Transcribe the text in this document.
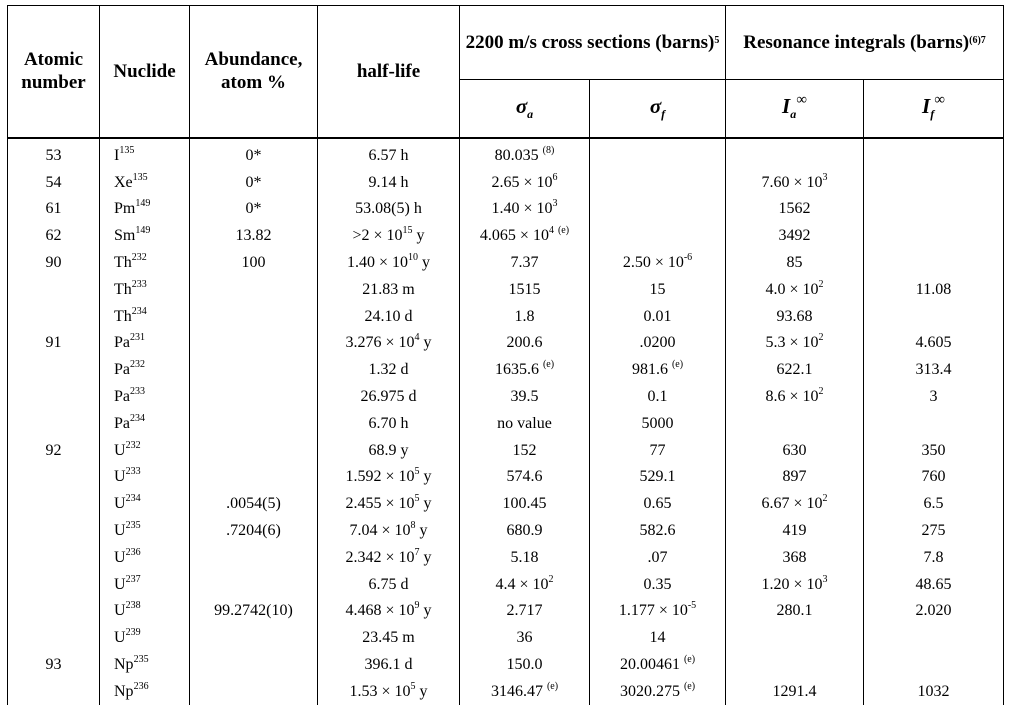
Atomic number	Nuclide	Abundance, atom %	half-life	2200 m/s cross sections (barns)$^5$		Resonance integrals (barns)$^{(6)7}$
				$\sigma_a$	$\sigma_f$	$I_a^\infty$	$I_f^\infty$
53	$I^{135}$	0*	6.57 h	80.035 $^{(8)}$			
54	Xe$^{135}$	0*	9.14 h	$2.65 \times 10^6$		$7.60 \times 10^3$	
61	Pm$^{149}$	0*	53.08(5) h	$1.40 \times 10^3$		1562	
62	Sm$^{149}$	13.82	$>2 \times 10^{15}$ y	$4.065 \times 10^4$ $^{(e)}$		3492	
90	Th$^{232}$	100	$1.40 \times 10^{10}$ y	7.37	$2.50 \times 10^{-6}$	85	
	Th$^{233}$		21.83 m	1515	15	$4.0 \times 10^2$	11.08
	Th$^{234}$		24.10 d	1.8	0.01	93.68	
91	Pa$^{231}$		$3.276 \times 10^4$ y	200.6	.0200	$5.3 \times 10^2$	4.605
	Pa$^{232}$		1.32 d	1635.6 $^{(e)}$	981.6 $^{(e)}$	622.1	313.4
	Pa$^{233}$		26.975 d	39.5	0.1	$8.6 \times 10^2$	3
	Pa$^{234}$		6.70 h	no value	5000		
92	$U^{232}$		68.9 y	152	77	630	350
	$U^{233}$		$1.592 \times 10^5$ y	574.6	529.1	897	760
	$U^{234}$	.0054(5)	$2.455 \times 10^5$ y	100.45	0.65	$6.67 \times 10^2$	6.5
	$U^{235}$	.7204(6)	$7.04 \times 10^8$ y	680.9	582.6	419	275
	$U^{236}$		$2.342 \times 10^7$ y	5.18	.07	368	7.8
	$U^{237}$		6.75 d	$4.4 \times 10^2$	0.35	$1.20 \times 10^3$	48.65
	$U^{238}$	99.2742(10)	$4.468 \times 10^9$ y	2.717	$1.177 \times 10^{-5}$	280.1	2.020
	$U^{239}$		23.45 m	36	14		
93	Np$^{235}$		396.1 d	150.0	20.00461 $^{(e)}$		
	Np$^{236}$		$1.53 \times 10^5$ y	3146.47 $^{(e)}$	3020.275 $^{(e)}$	1291.4	1032
